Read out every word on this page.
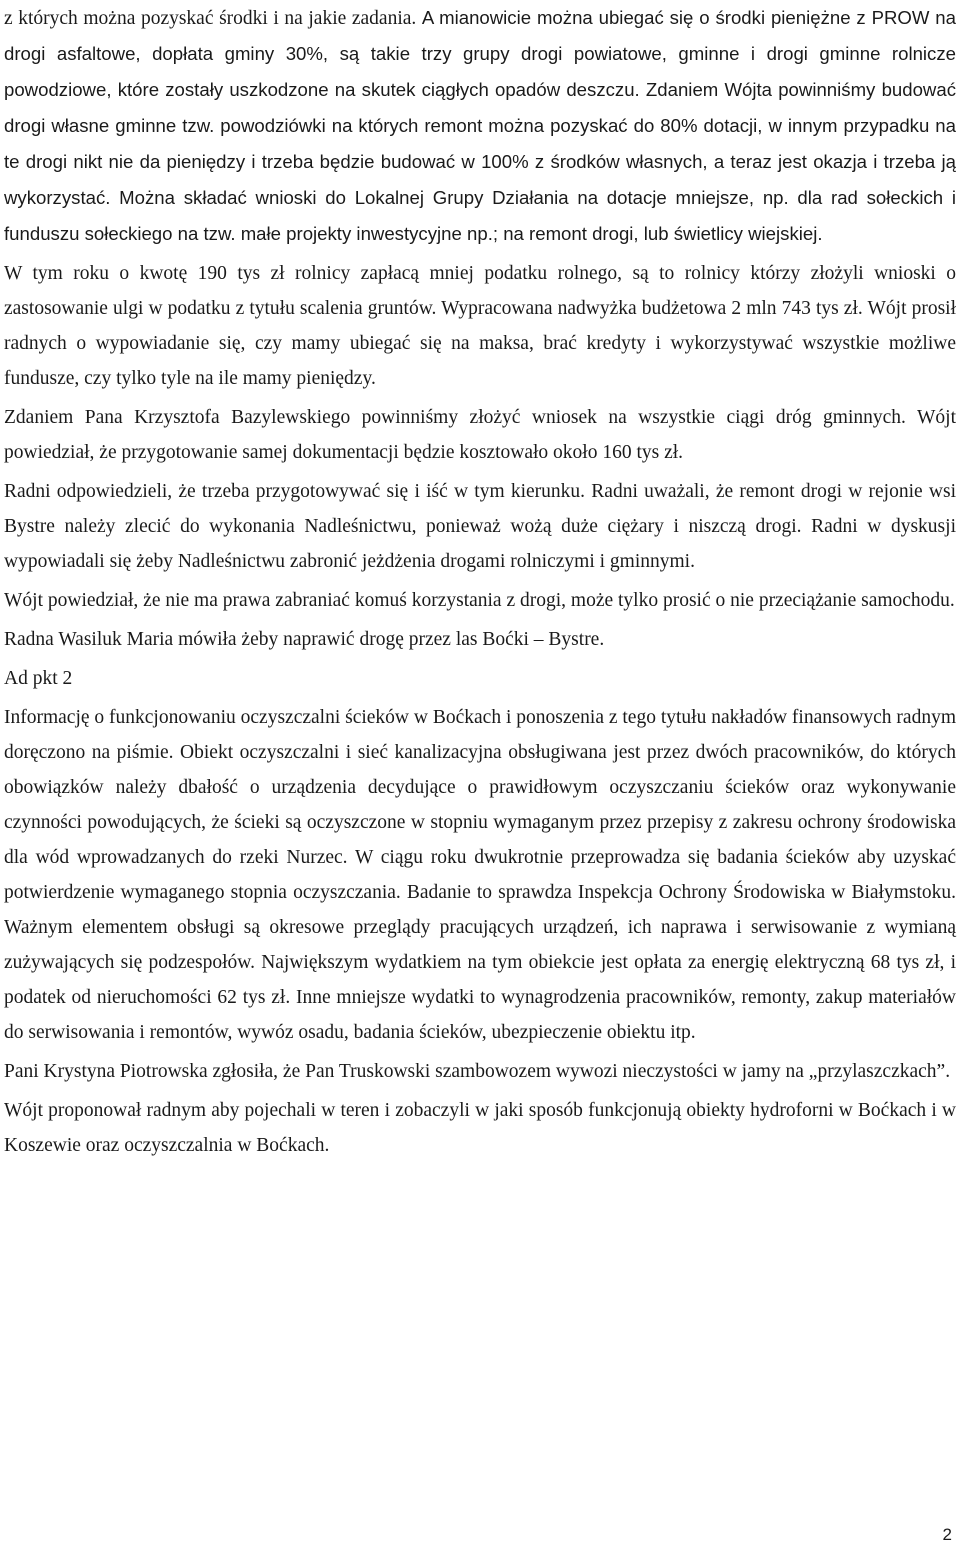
z których można pozyskać środki i na jakie zadania. A mianowicie można ubiegać się o środki pieniężne z PROW na drogi asfaltowe, dopłata gminy 30%, są takie trzy grupy drogi powiatowe, gminne i drogi gminne rolnicze powodziowe, które zostały uszkodzone na skutek ciągłych opadów deszczu. Zdaniem Wójta powinniśmy budować drogi własne gminne tzw. powodziówki na których remont można pozyskać do 80% dotacji, w innym przypadku na te drogi nikt nie da pieniędzy i trzeba będzie budować w 100% z środków własnych, a teraz jest okazja i trzeba ją wykorzystać. Można składać wnioski do Lokalnej Grupy Działania na dotacje mniejsze, np. dla rad sołeckich i funduszu sołeckiego na tzw. małe projekty inwestycyjne np.; na remont drogi, lub świetlicy wiejskiej.

W tym roku o kwotę 190 tys zł rolnicy zapłacą mniej podatku rolnego, są to rolnicy którzy złożyli wnioski o zastosowanie ulgi w podatku z tytułu scalenia gruntów. Wypracowana nadwyżka budżetowa 2 mln 743 tys zł. Wójt prosił radnych o wypowiadanie się, czy mamy ubiegać się na maksa, brać kredyty i wykorzystywać wszystkie możliwe fundusze, czy tylko tyle na ile mamy pieniędzy.

Zdaniem Pana Krzysztofa Bazylewskiego powinniśmy złożyć wniosek na wszystkie ciągi dróg gminnych. Wójt powiedział, że przygotowanie samej dokumentacji będzie kosztowało około 160 tys zł.

Radni odpowiedzieli, że trzeba przygotowywać się i iść w tym kierunku. Radni uważali, że remont drogi w rejonie wsi Bystre należy zlecić do wykonania Nadleśnictwu, ponieważ wożą duże ciężary i niszczą drogi. Radni w dyskusji wypowiadali się żeby Nadleśnictwu zabronić jeżdżenia drogami rolniczymi i gminnymi.

Wójt powiedział, że nie ma prawa zabraniać komuś korzystania z drogi, może tylko prosić o nie przeciążanie samochodu.

Radna Wasiluk Maria mówiła żeby naprawić drogę przez las Boćki – Bystre.

Ad pkt 2

Informację o funkcjonowaniu oczyszczalni ścieków w Boćkach i ponoszenia z tego tytułu nakładów finansowych radnym doręczono na piśmie. Obiekt oczyszczalni i sieć kanalizacyjna obsługiwana jest przez dwóch pracowników, do których obowiązków należy dbałość o urządzenia decydujące o prawidłowym oczyszczaniu ścieków oraz wykonywanie czynności powodujących, że ścieki są oczyszczone w stopniu wymaganym przez przepisy z zakresu ochrony środowiska dla wód wprowadzanych do rzeki Nurzec. W ciągu roku dwukrotnie przeprowadza się badania ścieków aby uzyskać potwierdzenie wymaganego stopnia oczyszczania. Badanie to sprawdza Inspekcja Ochrony Środowiska w Białymstoku. Ważnym elementem obsługi są okresowe przeglądy pracujących urządzeń, ich naprawa i serwisowanie z wymianą zużywających się podzespołów. Największym wydatkiem na tym obiekcie jest opłata za energię elektryczną 68 tys zł, i podatek od nieruchomości 62 tys zł. Inne mniejsze wydatki to wynagrodzenia pracowników, remonty, zakup materiałów do serwisowania i remontów, wywóz osadu, badania ścieków, ubezpieczenie obiektu itp.

Pani Krystyna Piotrowska zgłosiła, że Pan Truskowski szambowozem wywozi nieczystości w jamy na „przylaszczkach”.

Wójt proponował radnym aby pojechali w teren i zobaczyli w jaki sposób funkcjonują obiekty hydroforni w Boćkach i w Koszewie oraz oczyszczalnia w Boćkach.

2
